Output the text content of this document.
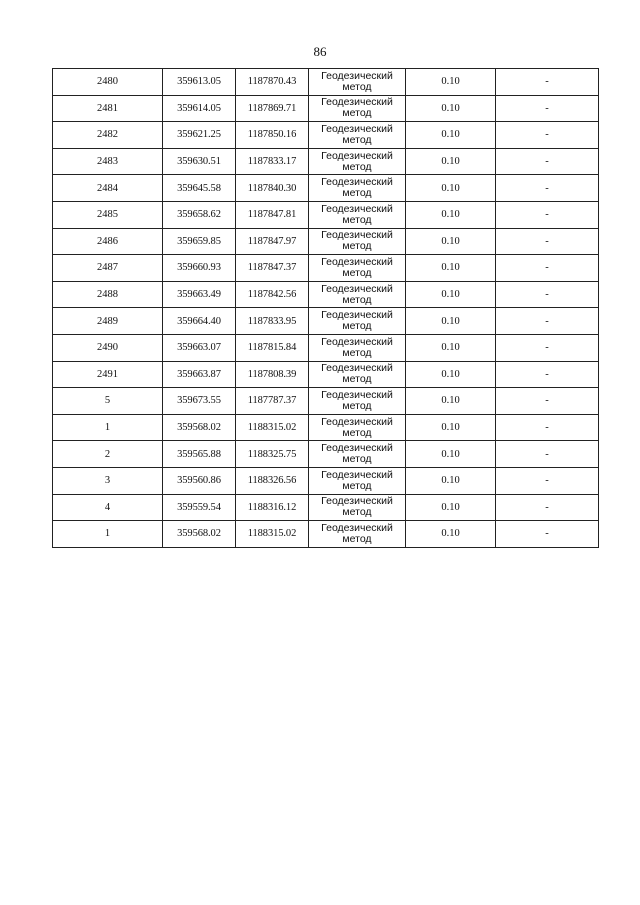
86
2480	359613.05	1187870.43	Геодезический метод	0.10	-
2481	359614.05	1187869.71	Геодезический метод	0.10	-
2482	359621.25	1187850.16	Геодезический метод	0.10	-
2483	359630.51	1187833.17	Геодезический метод	0.10	-
2484	359645.58	1187840.30	Геодезический метод	0.10	-
2485	359658.62	1187847.81	Геодезический метод	0.10	-
2486	359659.85	1187847.97	Геодезический метод	0.10	-
2487	359660.93	1187847.37	Геодезический метод	0.10	-
2488	359663.49	1187842.56	Геодезический метод	0.10	-
2489	359664.40	1187833.95	Геодезический метод	0.10	-
2490	359663.07	1187815.84	Геодезический метод	0.10	-
2491	359663.87	1187808.39	Геодезический метод	0.10	-
5	359673.55	1187787.37	Геодезический метод	0.10	-
1	359568.02	1188315.02	Геодезический метод	0.10	-
2	359565.88	1188325.75	Геодезический метод	0.10	-
3	359560.86	1188326.56	Геодезический метод	0.10	-
4	359559.54	1188316.12	Геодезический метод	0.10	-
1	359568.02	1188315.02	Геодезический метод	0.10	-
